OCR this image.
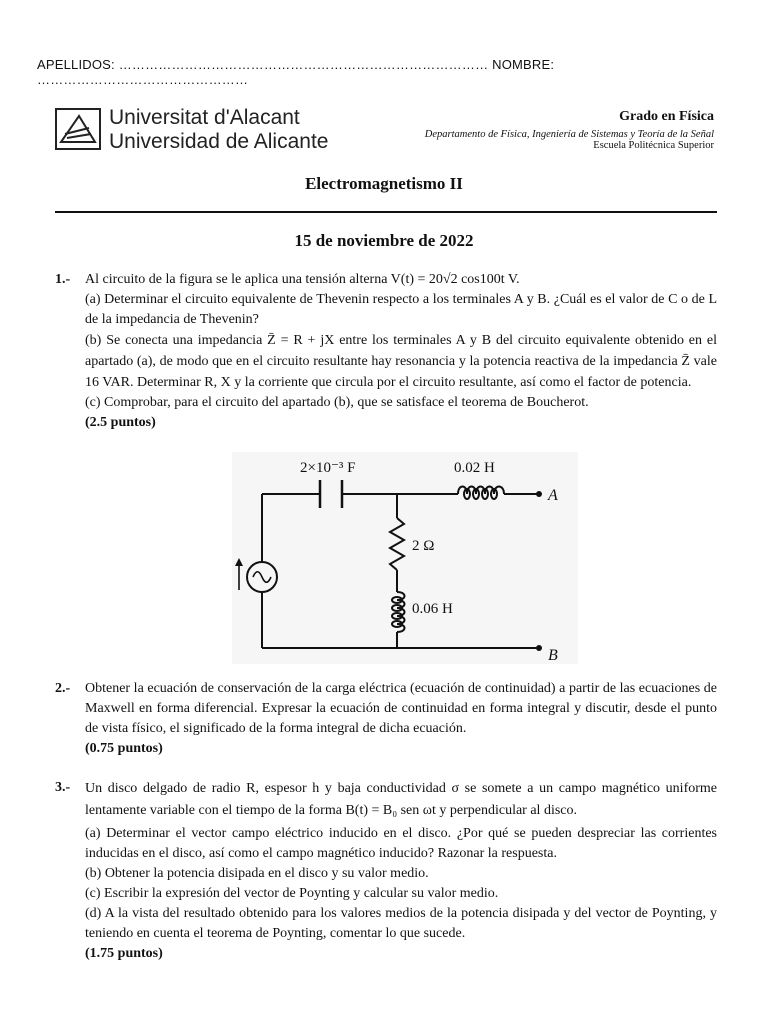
APELLIDOS: ………………………………………………………………………… NOMBRE: …………………………………………
Universitat d'Alacant
Universidad de Alicante
Grado en Física
Departamento de Física, Ingeniería de Sistemas y Teoría de la Señal
Escuela Politécnica Superior
Electromagnetismo II
15 de noviembre de 2022
1.- Al circuito de la figura se le aplica una tensión alterna V(t) = 20√2 cos100t V.

(a) Determinar el circuito equivalente de Thevenin respecto a los terminales A y B. ¿Cuál es el valor de C o de L de la impedancia de Thevenin?

(b) Se conecta una impedancia Z̄ = R + jX entre los terminales A y B del circuito equivalente obtenido en el apartado (a), de modo que en el circuito resultante hay resonancia y la potencia reactiva de la impedancia Z̄ vale 16 VAR. Determinar R, X y la corriente que circula por el circuito resultante, así como el factor de potencia.

(c) Comprobar, para el circuito del apartado (b), que se satisface el teorema de Boucherot.

(2.5 puntos)

2×10⁻³ F	0.02 H
2 Ω
0.06 H
A
B
2.- Obtener la ecuación de conservación de la carga eléctrica (ecuación de continuidad) a partir de las ecuaciones de Maxwell en forma diferencial. Expresar la ecuación de continuidad en forma integral y discutir, desde el punto de vista físico, el significado de la forma integral de dicha ecuación.

(0.75 puntos)

3.- Un disco delgado de radio R, espesor h y baja conductividad σ se somete a un campo magnético uniforme lentamente variable con el tiempo de la forma B(t) = B₀ sen ωt y perpendicular al disco.

(a) Determinar el vector campo eléctrico inducido en el disco. ¿Por qué se pueden despreciar las corrientes inducidas en el disco, así como el campo magnético inducido? Razonar la respuesta.

(b) Obtener la potencia disipada en el disco y su valor medio.

(c) Escribir la expresión del vector de Poynting y calcular su valor medio.

(d) A la vista del resultado obtenido para los valores medios de la potencia disipada y del vector de Poynting, y teniendo en cuenta el teorema de Poynting, comentar lo que sucede.

(1.75 puntos)
